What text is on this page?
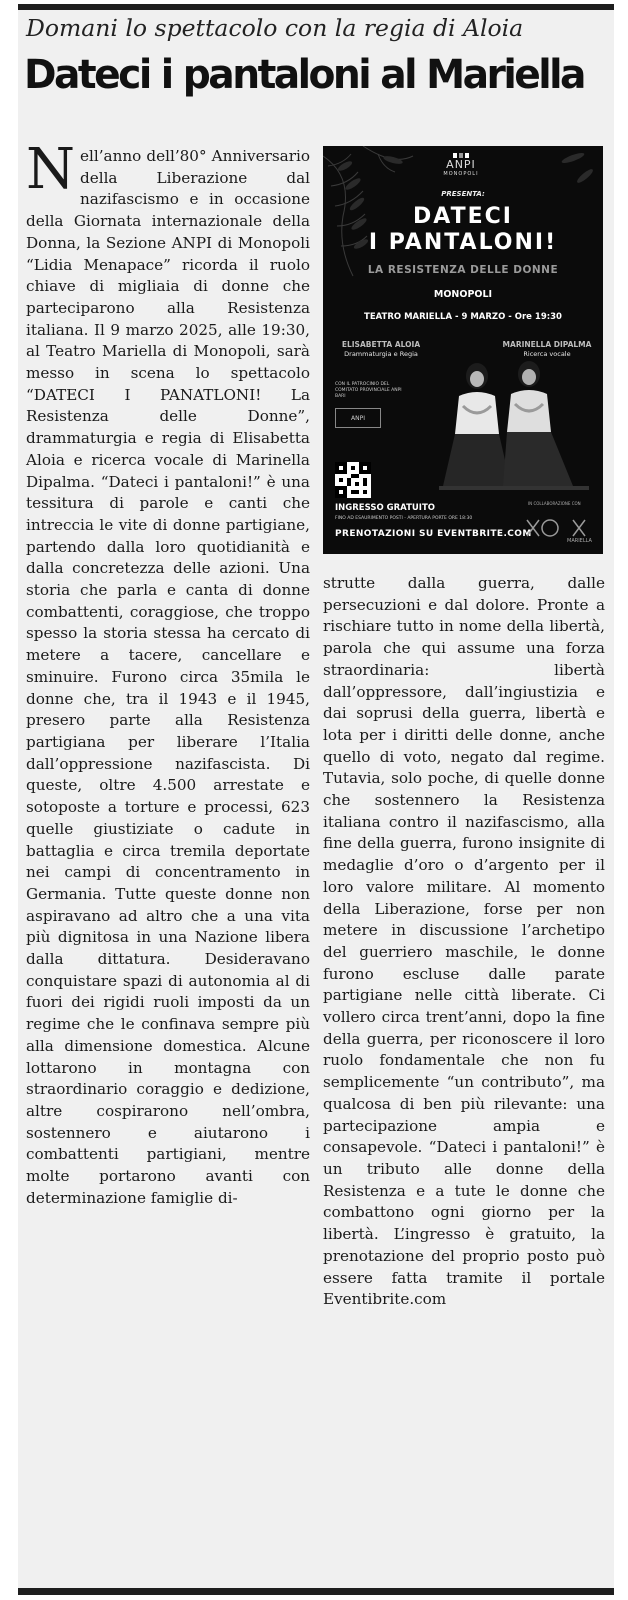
Domani lo spettacolo con la regia di Aloia
Dateci i pantaloni al Mariella

Nell’anno dell’80° Anniversario della Liberazione dal nazifascismo e in occasione della Giornata internazionale della Donna, la Sezione ANPI di Monopoli “Lidia Menapace” ricorda il ruolo chiave di migliaia di donne che parteciparono alla Resistenza italiana. Il 9 marzo 2025, alle 19:30, al Teatro Mariella di Monopoli, sarà messo in scena lo spettacolo “DATECI I PANATLONI! La Resistenza delle Donne”, drammaturgia e regia di Elisabetta Aloia e ricerca vocale di Marinella Dipalma. “Dateci i pantaloni!” è una tessitura di parole e canti che intreccia le vite di donne partigiane, partendo dalla loro quotidianità e dalla concretezza delle azioni. Una storia che parla e canta di donne combattenti, coraggiose, che troppo spesso la storia stessa ha cercato di metere a tacere, cancellare e sminuire. Furono circa 35mila le donne che, tra il 1943 e il 1945, presero parte alla Resistenza partigiana per liberare l’Italia dall’oppressione nazifascista. Di queste, oltre 4.500 arrestate e sotoposte a torture e processi, 623 quelle giustiziate o cadute in battaglia e circa tremila deportate nei campi di concentramento in Germania. Tutte queste donne non aspiravano ad altro che a una vita più dignitosa in una Nazione libera dalla dittatura. Desideravano conquistare spazi di autonomia al di fuori dei rigidi ruoli imposti da un regime che le confinava sempre più alla dimensione domestica. Alcune lottarono in montagna con straordinario coraggio e dedizione, altre cospirarono nell’ombra, sostennero e aiutarono i combattenti partigiani, mentre molte portarono avanti con determinazione famiglie di-

ANPI
MONOPOLI
PRESENTA:
DATECI
I PANTALONI!
LA RESISTENZA DELLE DONNE
MONOPOLI
TEATRO MARIELLA - 9 MARZO - Ore 19:30
ELISABETTA ALOIA
Drammaturgia e Regia
MARINELLA DIPALMA
Ricerca vocale
ANPI
CON IL PATROCINIO DEL COMITATO PROVINCIALE ANPI BARI
INGRESSO GRATUITO
FINO AD ESAURIMENTO POSTI - APERTURA PORTE ORE 18:30
PRENOTAZIONI SU EVENTBRITE.COM
IN COLLABORAZIONE CON
MARIELLA

strutte dalla guerra, dalle persecuzioni e dal dolore. Pronte a rischiare tutto in nome della libertà, parola che qui assume una forza straordinaria: libertà dall’oppressore, dall’ingiustizia e dai soprusi della guerra, libertà e lota per i diritti delle donne, anche quello di voto, negato dal regime. Tutavia, solo poche, di quelle donne che sostennero la Resistenza italiana contro il nazifascismo, alla fine della guerra, furono insignite di medaglie d’oro o d’argento per il loro valore militare. Al momento della Liberazione, forse per non metere in discussione l’archetipo del guerriero maschile, le donne furono escluse dalle parate partigiane nelle città liberate. Ci vollero circa trent’anni, dopo la fine della guerra, per riconoscere il loro ruolo fondamentale che non fu semplicemente “un contributo”, ma qualcosa di ben più rilevante: una partecipazione ampia e consapevole. “Dateci i pantaloni!” è un tributo alle donne della Resistenza e a tute le donne che combattono ogni giorno per la libertà. L’ingresso è gratuito, la prenotazione del proprio posto può essere fatta tramite il portale Eventibrite.com
